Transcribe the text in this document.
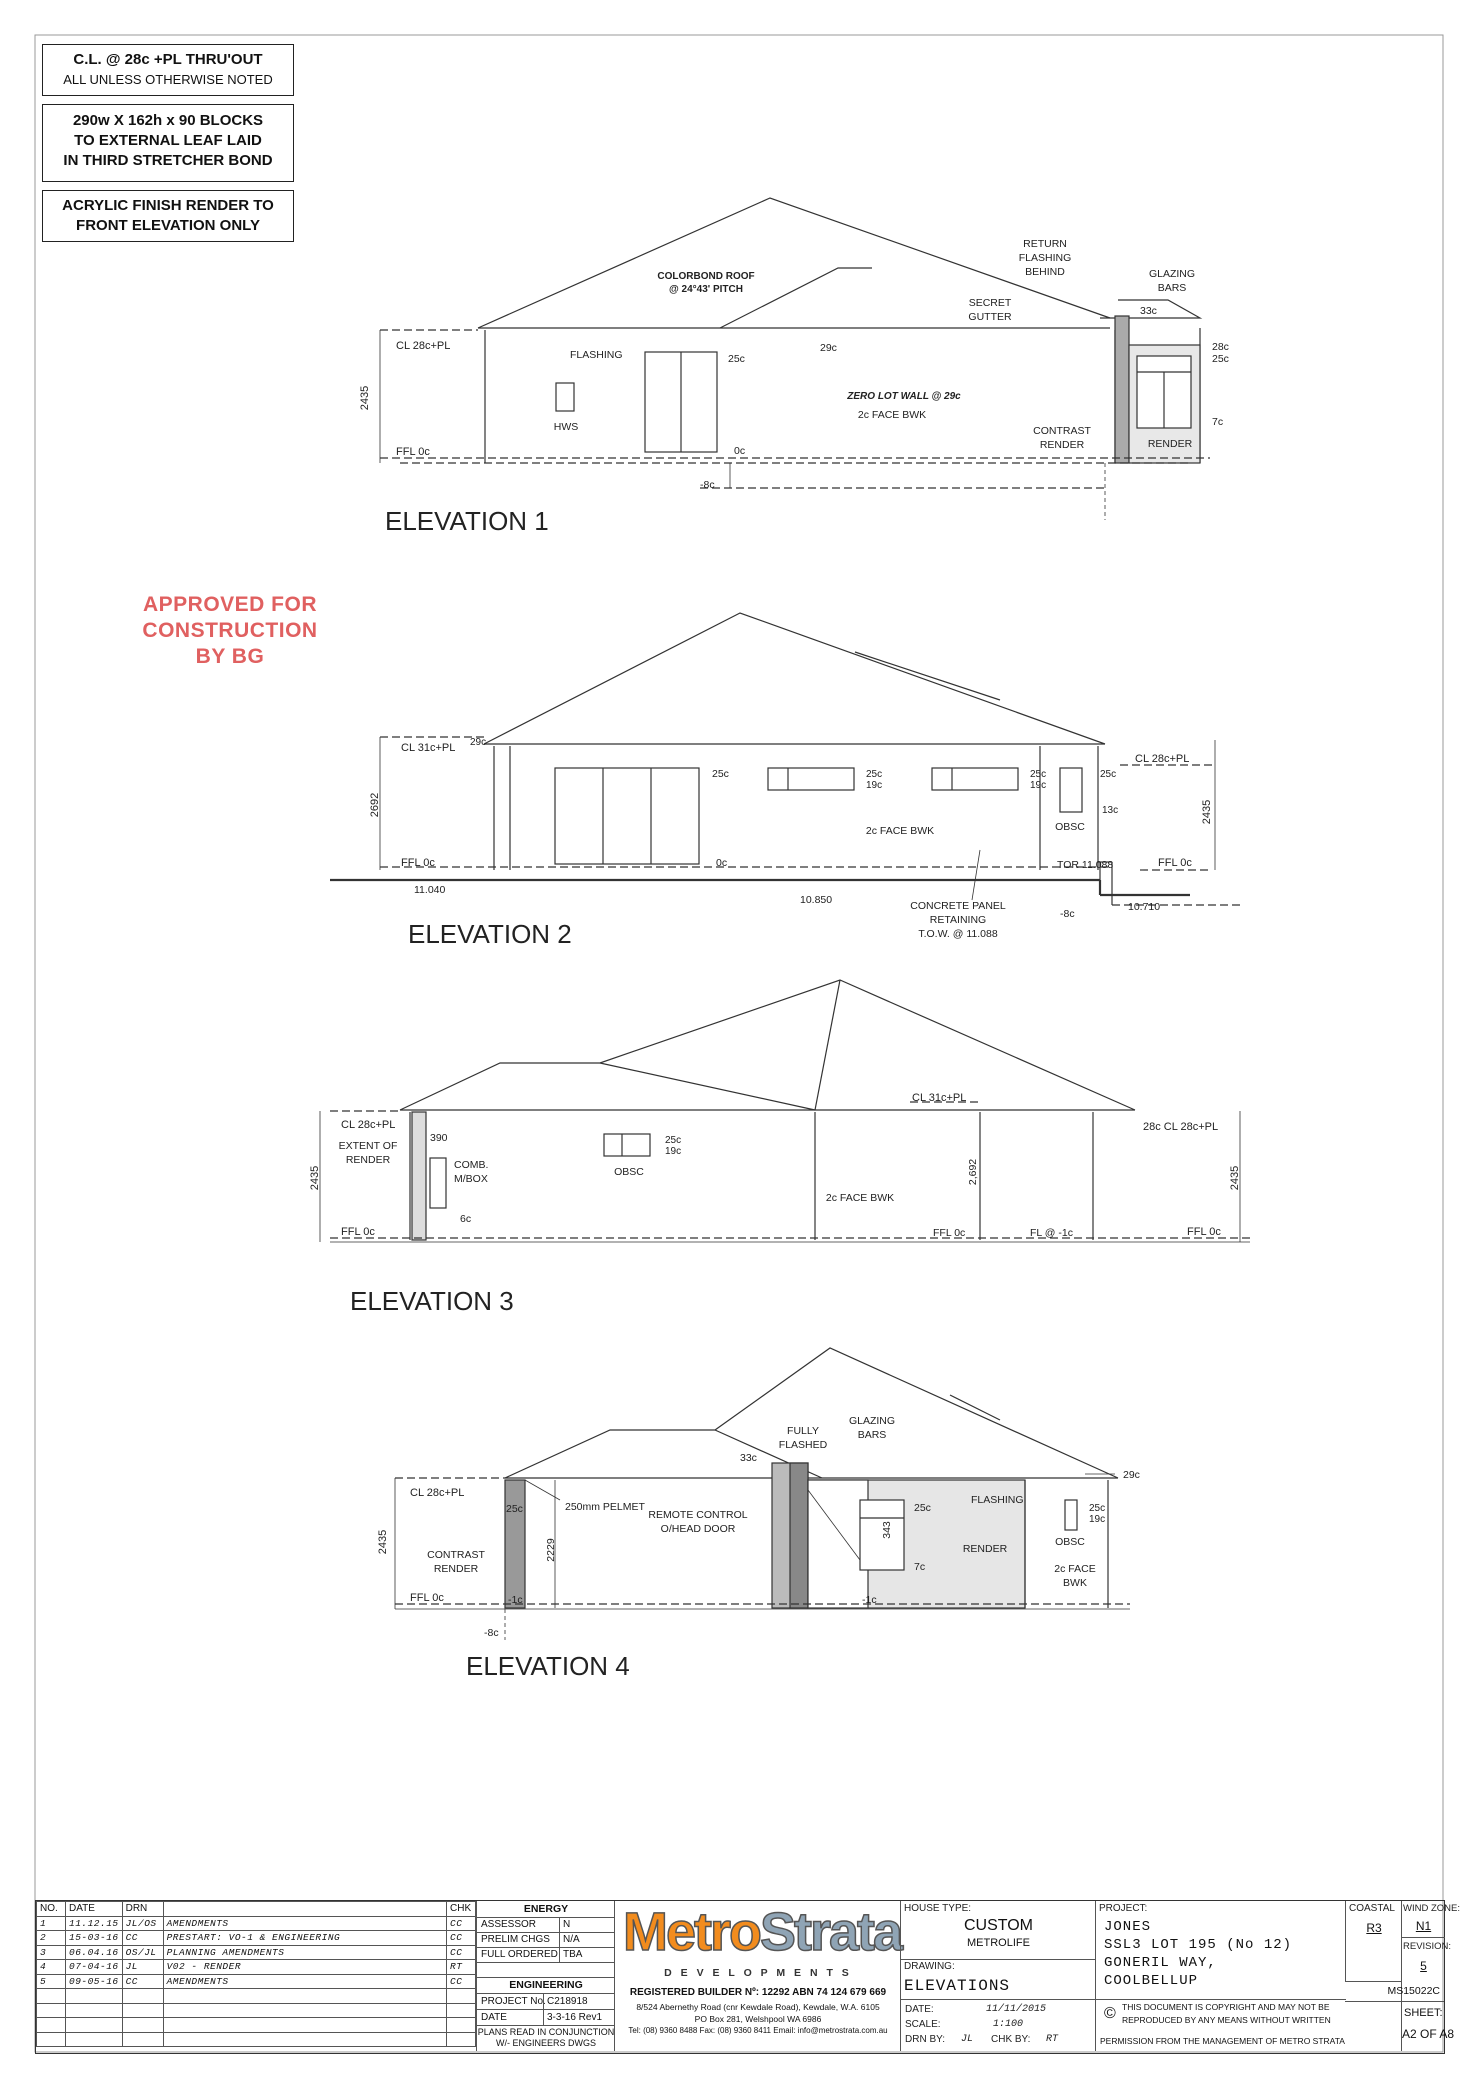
C.L. @ 28c +PL THRU'OUT
ALL UNLESS OTHERWISE NOTED
290w X 162h x 90 BLOCKS
TO EXTERNAL LEAF LAID
IN THIRD STRETCHER BOND
ACRYLIC FINISH RENDER TO
FRONT ELEVATION ONLY
APPROVED FOR
CONSTRUCTION
BY BG
COLORBOND ROOF
@ 24°43' PITCH
RETURN
FLASHING
BEHIND	GLAZING
BARS
SECRET
GUTTER
CL 28c+PL
FLASHING	25c
29c
33c
28c
25c
ZERO LOT WALL @ 29c
2c FACE BWK
HWS
2435
FFL 0c	0c
CONTRAST
RENDER	RENDER
7c
-8c
ELEVATION 1
CL 31c+PL 29c
25c	25c
19c
25c
19c
25c
CL 28c+PL
13c
OBSC
2692	2435
2c FACE BWK
FFL 0c	0c	TOR 11.088	FFL 0c
11.040
10.850
10.710
-8c
CONCRETE PANEL
RETAINING
T.O.W. @ 11.088
ELEVATION 2
CL 28c+PL
390
EXTENT OF
RENDER	COMB.
M/BOX
6c
25c
19c
OBSC
CL 31c+PL
2,692
28c CL 28c+PL
2435	2435
2c FACE BWK
FFL 0c	FFL 0c	FL @ -1c	FFL 0c
ELEVATION 3
FULLY
FLASHED
GLAZING
BARS
33c
29c
CL 28c+PL
25c	250mm PELMET
REMOTE CONTROL
O/HEAD DOOR	343
25c
FLASHING
25c
19c
OBSC
RENDER
2c FACE
BWK
CONTRAST
RENDER
2435	2229
7c
FFL 0c	-1c	-1c
-8c
ELEVATION 4
NO.	DATE	DRN		CHK
1	11.12.15	JL/OS	AMENDMENTS	CC
2	15-03-16	CC	PRESTART: VO-1 & ENGINEERING	CC
3	06.04.16	OS/JL	PLANNING AMENDMENTS	CC
4	07-04-16	JL	V02 - RENDER	RT
5	09-05-16	CC	AMENDMENTS	CC

ENERGY
ASSESSOR	N
PRELIM CHGS N/A
FULL ORDERED TBA
ENGINEERING
PROJECT No. C218918
DATE	3-3-16 Rev1
PLANS READ IN CONJUNCTION
W/- ENGINEERS DWGS
MetroStrata
D E V E L O P M E N T S
REGISTERED BUILDER Nº: 12292 ABN 74 124 679 669
8/524 Abernethy Road (cnr Kewdale Road), Kewdale, W.A. 6105
PO Box 281, Welshpool WA 6986
Tel: (08) 9360 8488 Fax: (08) 9360 8411 Email: info@metrostrata.com.au
HOUSE TYPE:
CUSTOM
METROLIFE
DRAWING:
ELEVATIONS
DATE:	11/11/2015
SCALE:	1:100
DRN BY: JL CHK BY: RT
PROJECT:
JONES
SSL3 LOT 195 (No 12)
GONERIL WAY,
COOLBELLUP
© THIS DOCUMENT IS COPYRIGHT AND MAY NOT BE
REPRODUCED BY ANY MEANS WITHOUT WRITTEN
PERMISSION FROM THE MANAGEMENT OF METRO STRATA
COASTAL
R3
WIND ZONE:
N1
REVISION:
5
MS15022C
SHEET:
A2 OF A8
